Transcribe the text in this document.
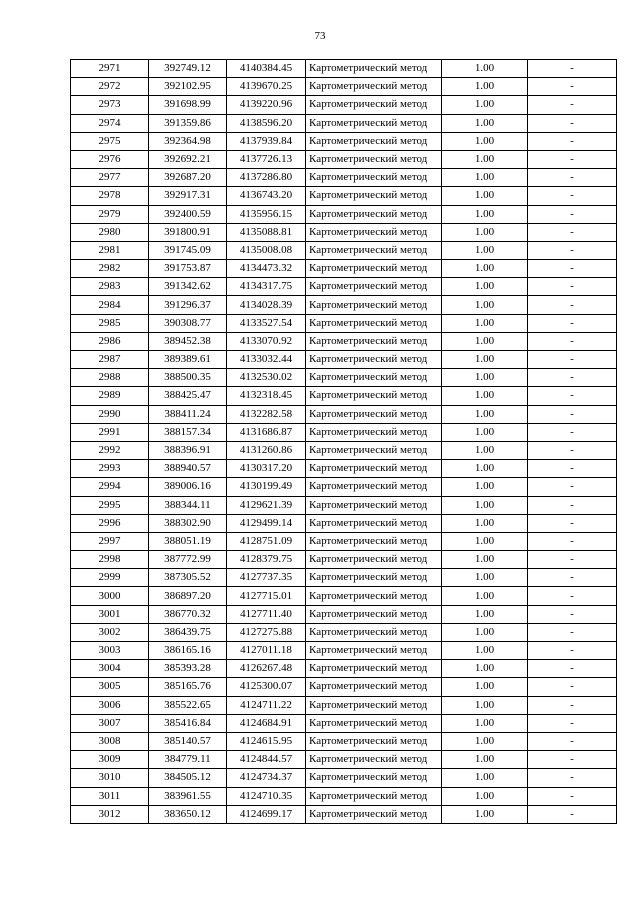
73
2971	392749.12	4140384.45	Картометрический метод	1.00	-
2972	392102.95	4139670.25	Картометрический метод	1.00	-
2973	391698.99	4139220.96	Картометрический метод	1.00	-
2974	391359.86	4138596.20	Картометрический метод	1.00	-
2975	392364.98	4137939.84	Картометрический метод	1.00	-
2976	392692.21	4137726.13	Картометрический метод	1.00	-
2977	392687.20	4137286.80	Картометрический метод	1.00	-
2978	392917.31	4136743.20	Картометрический метод	1.00	-
2979	392400.59	4135956.15	Картометрический метод	1.00	-
2980	391800.91	4135088.81	Картометрический метод	1.00	-
2981	391745.09	4135008.08	Картометрический метод	1.00	-
2982	391753.87	4134473.32	Картометрический метод	1.00	-
2983	391342.62	4134317.75	Картометрический метод	1.00	-
2984	391296.37	4134028.39	Картометрический метод	1.00	-
2985	390308.77	4133527.54	Картометрический метод	1.00	-
2986	389452.38	4133070.92	Картометрический метод	1.00	-
2987	389389.61	4133032.44	Картометрический метод	1.00	-
2988	388500.35	4132530.02	Картометрический метод	1.00	-
2989	388425.47	4132318.45	Картометрический метод	1.00	-
2990	388411.24	4132282.58	Картометрический метод	1.00	-
2991	388157.34	4131686.87	Картометрический метод	1.00	-
2992	388396.91	4131260.86	Картометрический метод	1.00	-
2993	388940.57	4130317.20	Картометрический метод	1.00	-
2994	389006.16	4130199.49	Картометрический метод	1.00	-
2995	388344.11	4129621.39	Картометрический метод	1.00	-
2996	388302.90	4129499.14	Картометрический метод	1.00	-
2997	388051.19	4128751.09	Картометрический метод	1.00	-
2998	387772.99	4128379.75	Картометрический метод	1.00	-
2999	387305.52	4127737.35	Картометрический метод	1.00	-
3000	386897.20	4127715.01	Картометрический метод	1.00	-
3001	386770.32	4127711.40	Картометрический метод	1.00	-
3002	386439.75	4127275.88	Картометрический метод	1.00	-
3003	386165.16	4127011.18	Картометрический метод	1.00	-
3004	385393.28	4126267.48	Картометрический метод	1.00	-
3005	385165.76	4125300.07	Картометрический метод	1.00	-
3006	385522.65	4124711.22	Картометрический метод	1.00	-
3007	385416.84	4124684.91	Картометрический метод	1.00	-
3008	385140.57	4124615.95	Картометрический метод	1.00	-
3009	384779.11	4124844.57	Картометрический метод	1.00	-
3010	384505.12	4124734.37	Картометрический метод	1.00	-
3011	383961.55	4124710.35	Картометрический метод	1.00	-
3012	383650.12	4124699.17	Картометрический метод	1.00	-
